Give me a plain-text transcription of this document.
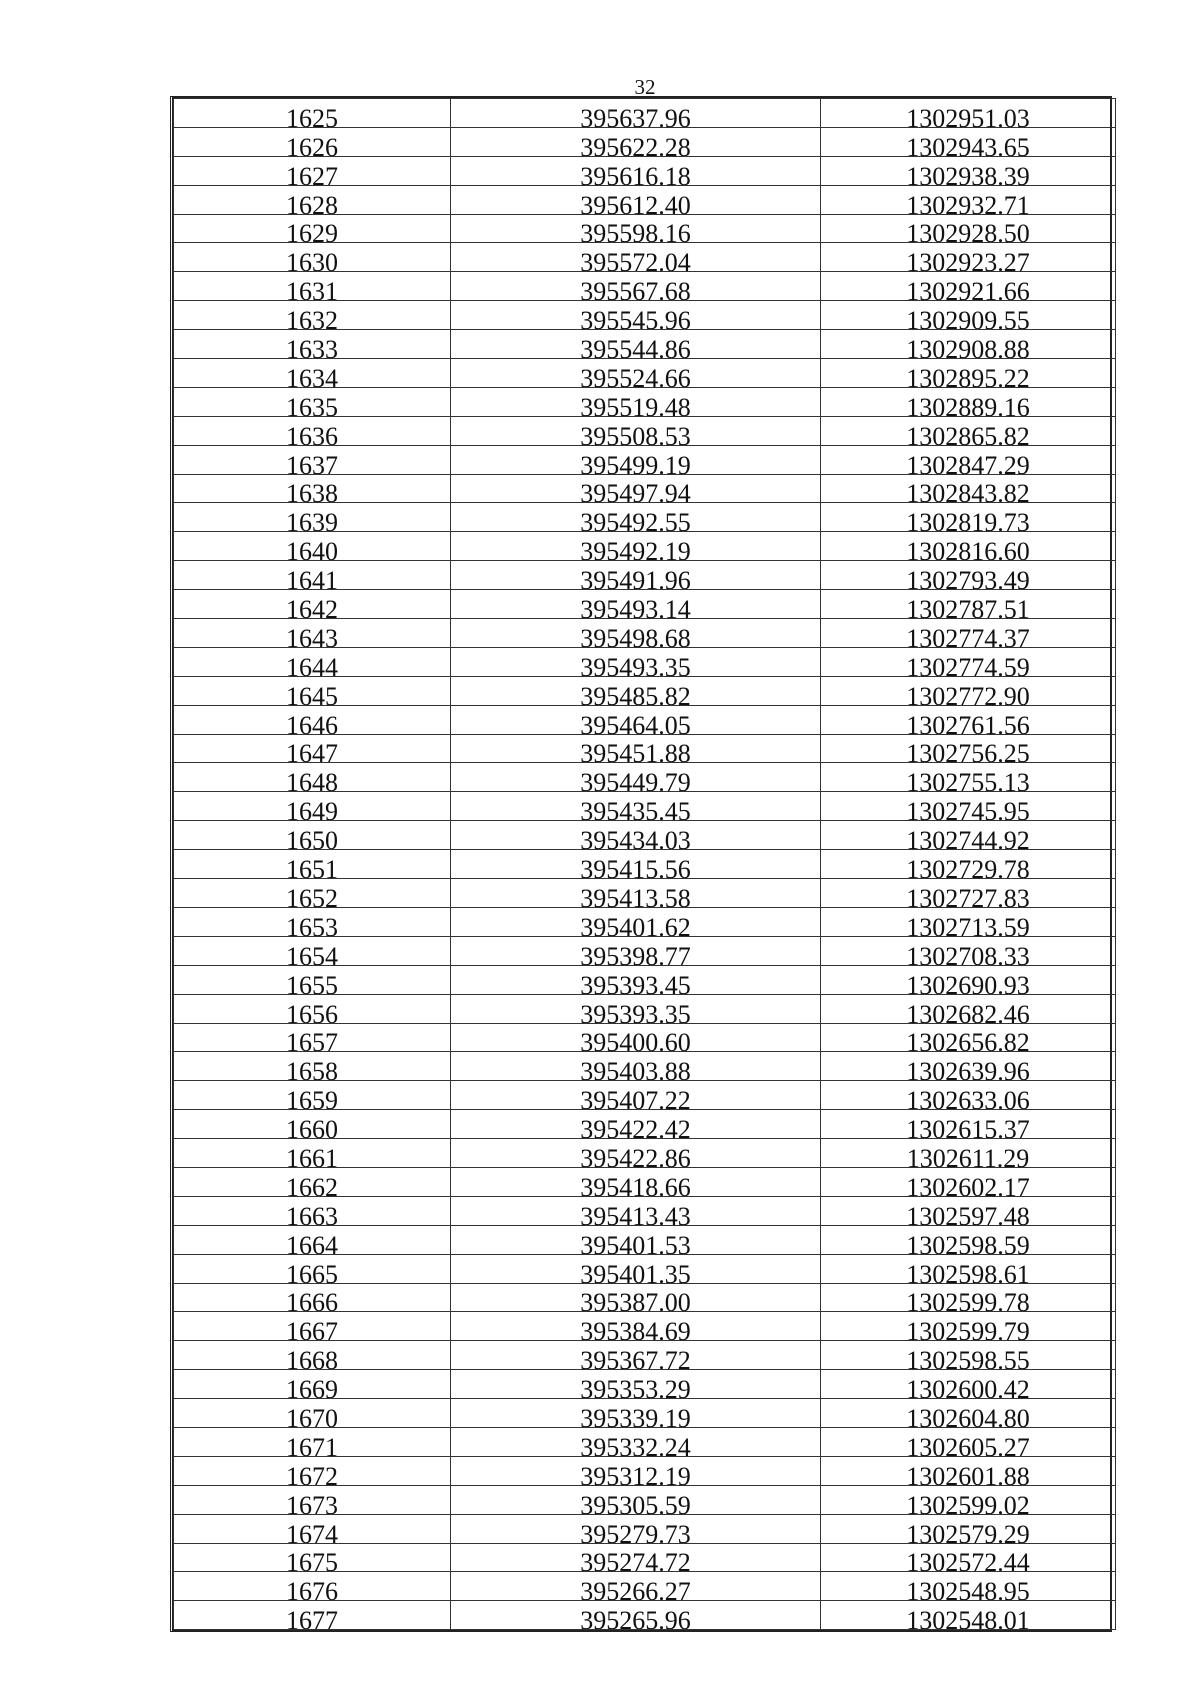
32
1625	395637.96	1302951.03
1626	395622.28	1302943.65
1627	395616.18	1302938.39
1628	395612.40	1302932.71
1629	395598.16	1302928.50
1630	395572.04	1302923.27
1631	395567.68	1302921.66
1632	395545.96	1302909.55
1633	395544.86	1302908.88
1634	395524.66	1302895.22
1635	395519.48	1302889.16
1636	395508.53	1302865.82
1637	395499.19	1302847.29
1638	395497.94	1302843.82
1639	395492.55	1302819.73
1640	395492.19	1302816.60
1641	395491.96	1302793.49
1642	395493.14	1302787.51
1643	395498.68	1302774.37
1644	395493.35	1302774.59
1645	395485.82	1302772.90
1646	395464.05	1302761.56
1647	395451.88	1302756.25
1648	395449.79	1302755.13
1649	395435.45	1302745.95
1650	395434.03	1302744.92
1651	395415.56	1302729.78
1652	395413.58	1302727.83
1653	395401.62	1302713.59
1654	395398.77	1302708.33
1655	395393.45	1302690.93
1656	395393.35	1302682.46
1657	395400.60	1302656.82
1658	395403.88	1302639.96
1659	395407.22	1302633.06
1660	395422.42	1302615.37
1661	395422.86	1302611.29
1662	395418.66	1302602.17
1663	395413.43	1302597.48
1664	395401.53	1302598.59
1665	395401.35	1302598.61
1666	395387.00	1302599.78
1667	395384.69	1302599.79
1668	395367.72	1302598.55
1669	395353.29	1302600.42
1670	395339.19	1302604.80
1671	395332.24	1302605.27
1672	395312.19	1302601.88
1673	395305.59	1302599.02
1674	395279.73	1302579.29
1675	395274.72	1302572.44
1676	395266.27	1302548.95
1677	395265.96	1302548.01
